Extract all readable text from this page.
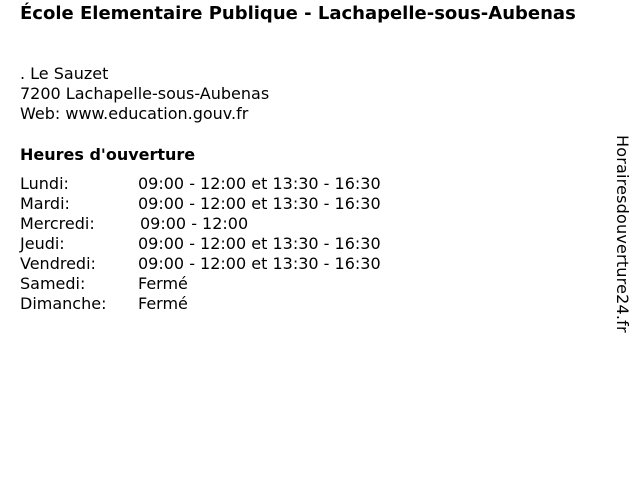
École Elementaire Publique - Lachapelle-sous-Aubenas
. Le Sauzet
7200 Lachapelle-sous-Aubenas
Web: www.education.gouv.fr
Heures d'ouverture
Lundi:	09:00 - 12:00 et 13:30 - 16:30
Mardi:	09:00 - 12:00 et 13:30 - 16:30
Mercredi:	09:00 - 12:00
Jeudi:	09:00 - 12:00 et 13:30 - 16:30
Vendredi:	09:00 - 12:00 et 13:30 - 16:30
Samedi:	Fermé
Dimanche: Fermé	Horairesdouverture24.fr
